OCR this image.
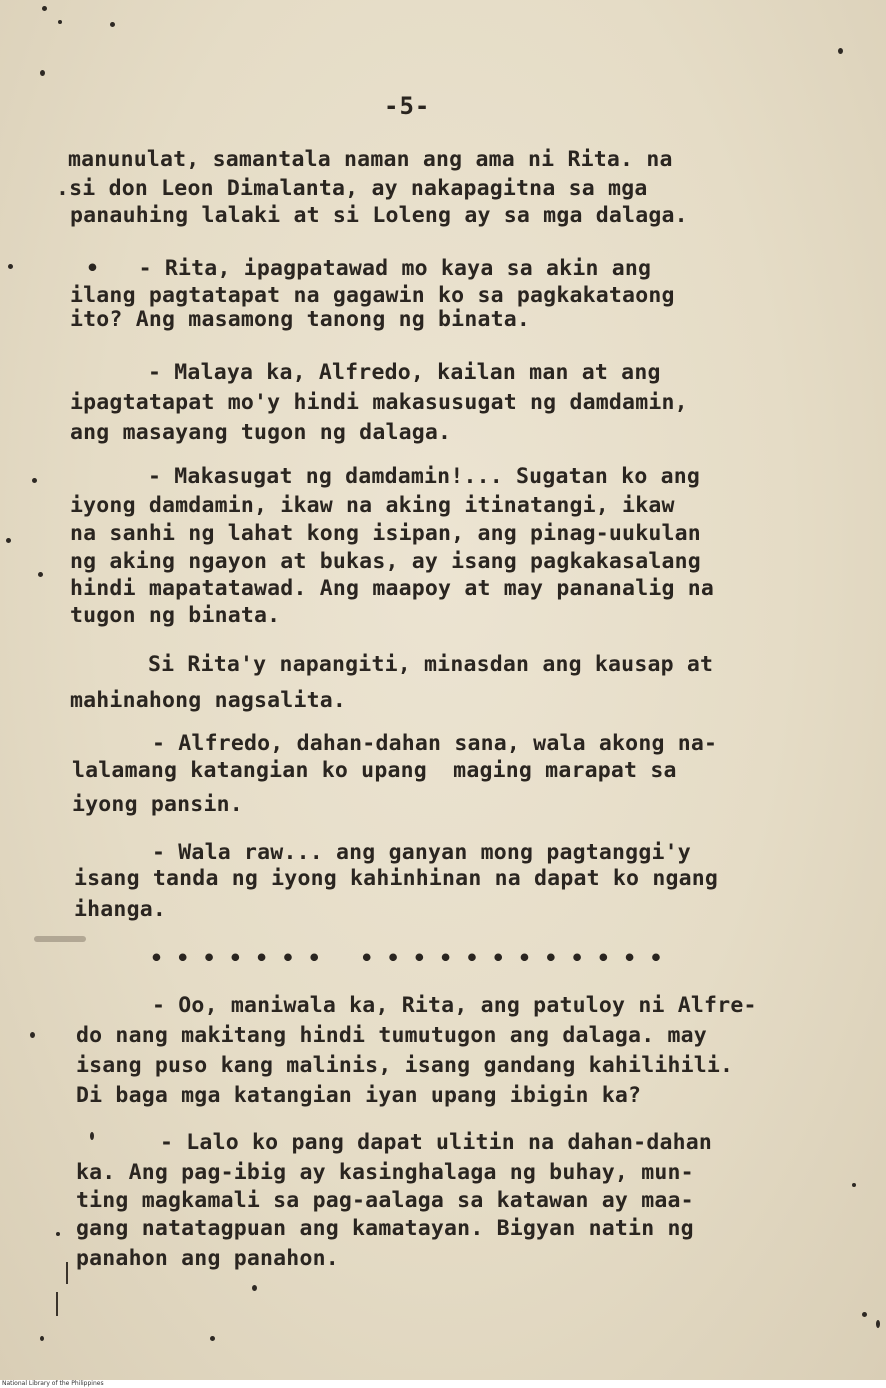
-5-
manunulat, samantala naman ang ama ni Rita. na
.si don Leon Dimalanta, ay nakapagitna sa mga
panauhing lalaki at si Loleng ay sa mga dalaga.
•   - Rita, ipagpatawad mo kaya sa akin ang
ilang pagtatapat na gagawin ko sa pagkakataong
ito? Ang masamong tanong ng binata.
- Malaya ka, Alfredo, kailan man at ang
ipagtatapat mo'y hindi makasusugat ng damdamin,
ang masayang tugon ng dalaga.
- Makasugat ng damdamin!... Sugatan ko ang
iyong damdamin, ikaw na aking itinatangi, ikaw
na sanhi ng lahat kong isipan, ang pinag-uukulan
ng aking ngayon at bukas, ay isang pagkakasalang
hindi mapatatawad. Ang maapoy at may pananalig na
tugon ng binata.
Si Rita'y napangiti, minasdan ang kausap at
mahinahong nagsalita.
- Alfredo, dahan-dahan sana, wala akong na-
lalamang katangian ko upang  maging marapat sa
iyong pansin.
- Wala raw... ang ganyan mong pagtanggi'y
isang tanda ng iyong kahinhinan na dapat ko ngang
ihanga.
• • • • • • •   • • • • • • • • • • • •
- Oo, maniwala ka, Rita, ang patuloy ni Alfre-
do nang makitang hindi tumutugon ang dalaga. may
isang puso kang malinis, isang gandang kahilihili.
Di baga mga katangian iyan upang ibigin ka?
- Lalo ko pang dapat ulitin na dahan-dahan
ka. Ang pag-ibig ay kasinghalaga ng buhay, mun-
ting magkamali sa pag-aalaga sa katawan ay maa-
gang natatagpuan ang kamatayan. Bigyan natin ng
panahon ang panahon.
National Library of the Philippines
